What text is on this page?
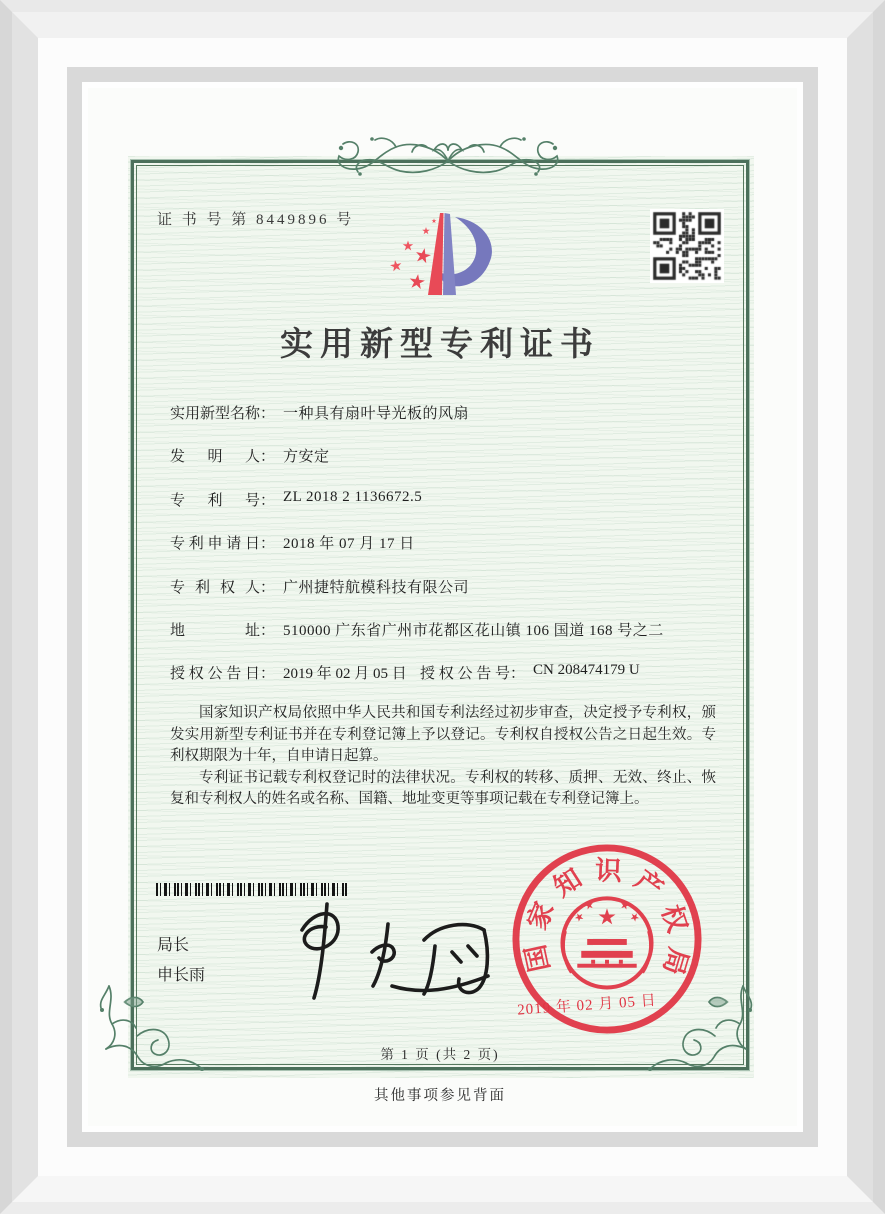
证 书 号 第 8449896 号
实用新型专利证书
实用新型名称 ： 一种具有扇叶导光板的风扇
发明人 ： 方安定
专利号 ： ZL 2018 2 1136672.5
专利申请日 ： 2018 年 07 月 17 日
专利权人 ： 广州捷特航模科技有限公司
地址 ： 510000 广东省广州市花都区花山镇 106 国道 168 号之二
授权公告日 ： 2019 年 02 月 05 日 授权公告号 ： CN 208474179 U

国家知识产权局依照中华人民共和国专利法经过初步审查，决定授予专利权，颁发实用新型专利证书并在专利登记簿上予以登记。专利权自授权公告之日起生效。专利权期限为十年，自申请日起算。

专利证书记载专利权登记时的法律状况。专利权的转移、质押、无效、终止、恢复和专利权人的姓名或名称、国籍、地址变更等事项记载在专利登记簿上。

局长
申长雨
国家知识产权局
2019 年 02 月 05 日
第 1 页 (共 2 页)
其他事项参见背面
